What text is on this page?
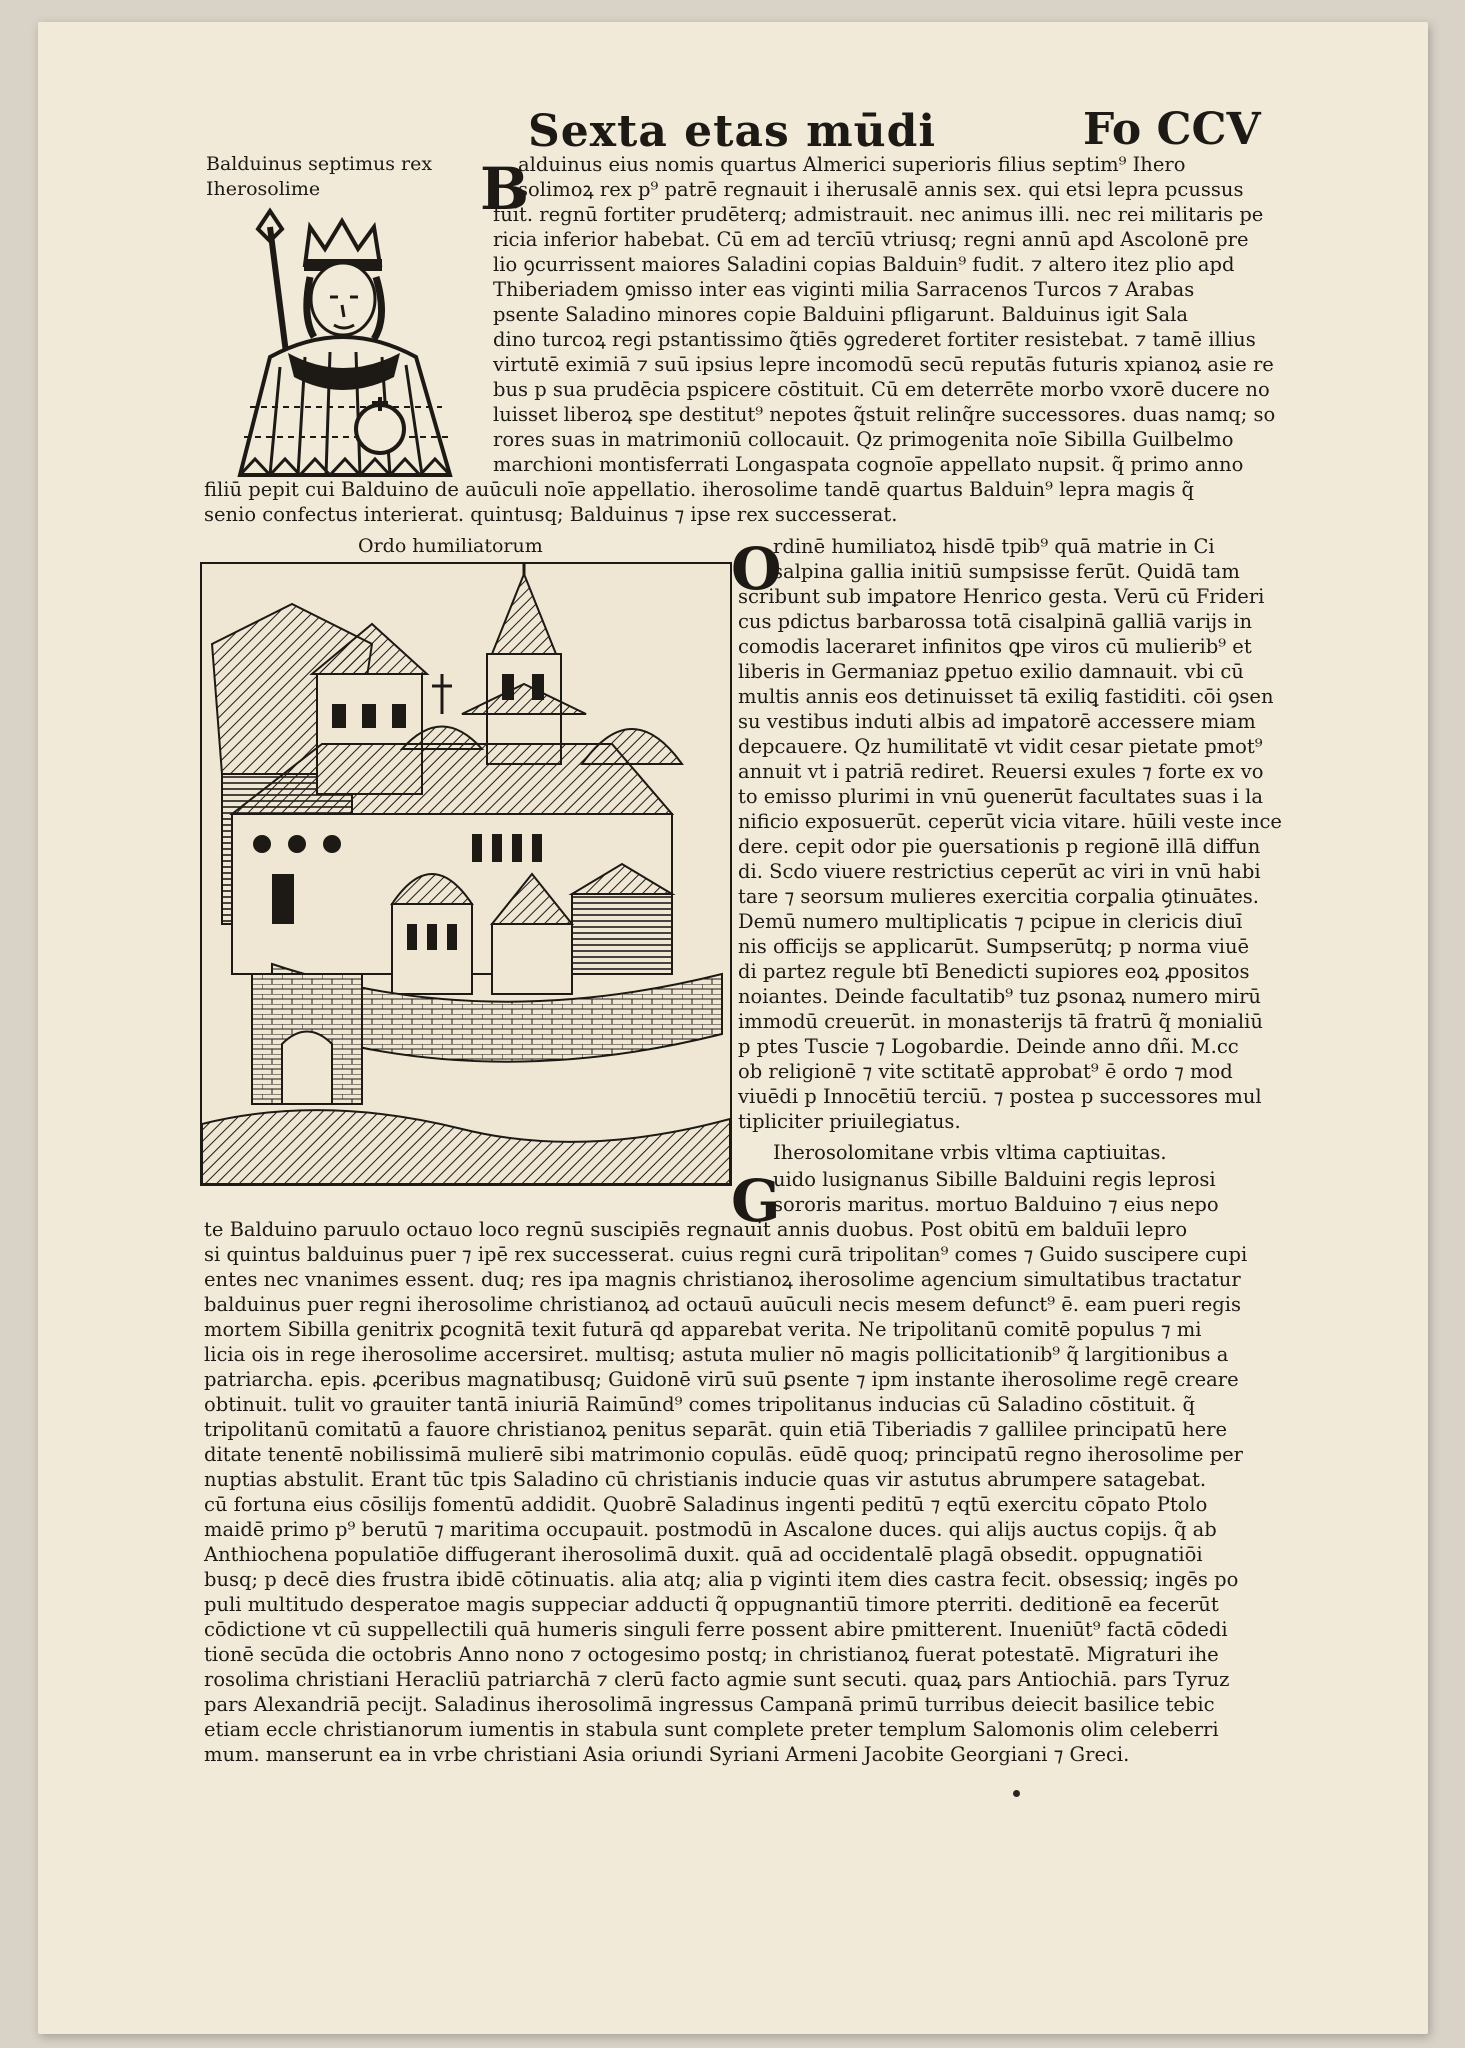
Sexta etas mūdi	Fo CCV
Balduinus septimus rex
Iherosolime	B
alduinus eius nomis quartus Almerici superioris filius septim⁹ Ihero
solimoꝝ rex p⁹ patrē regnauit i iherusalē annis sex. qui etsi lepra pcussus
fuit. regnū fortiter prudēterq; admistrauit. nec animus illi. nec rei militaris pe
ricia inferior habebat. Cū em ad tercīū vtriusq; regni annū apd Ascolonē pre
lio ꝯcurrissent maiores Saladini copias Balduin⁹ fudit. ⁊ altero itez plio apd
Thiberiadem ꝯmisso inter eas viginti milia Sarracenos Turcos ⁊ Arabas
psente Saladino minores copie Balduini pfligarunt. Balduinus igit Sala
dino turcoꝝ regi pstantissimo q̃tiēs ꝯgrederet fortiter resistebat. ⁊ tamē illius
virtutē eximiā ⁊ suū ipsius lepre incomodū secū reputās futuris xpianoꝝ asie re
bus p sua prudēcia pspicere cōstituit. Cū em deterrēte morbo vxorē ducere no
luisset liberoꝝ spe destitut⁹ nepotes q̃stuit relinq̃re successores. duas namq; so
rores suas in matrimoniū collocauit. Qz primogenita noīe Sibilla Guilbelmo
marchioni montisferrati Longaspata cognoīe appellato nupsit. q̃ primo anno
filiū pepit cui Balduino de auūculi noīe appellatio. iherosolime tandē quartus Balduin⁹ lepra magis q̃
senio confectus interierat. quintusq; Balduinus ⁊ ipse rex successerat.
Ordo humiliatorum	O
rdinē humiliatoꝝ hisdē tpib⁹ quā matrie in Ci
salpina gallia initiū sumpsisse ferūt. Quidā tam
scribunt sub imꝑatore Henrico gesta. Verū cū Frideri
cus pdictus barbarossa totā cisalpinā galliā varijs in
comodis laceraret infinitos ꝗpe viros cū mulierib⁹ et
liberis in Germaniaz ꝑpetuo exilio damnauit. vbi cū
multis annis eos detinuisset tā exiliꝗ fastiditi. cōi ꝯsen
su vestibus induti albis ad imꝑatorē accessere miam
depcauere. Qz humilitatē vt vidit cesar pietate pmot⁹
annuit vt i patriā rediret. Reuersi exules ⁊ forte ex vo
to emisso plurimi in vnū ꝯuenerūt facultates suas i la
nificio exposuerūt. ceperūt vicia vitare. hūili veste ince
dere. cepit odor pie ꝯuersationis p regionē illā diffun
di. Scdo viuere restrictius ceperūt ac viri in vnū habi
tare ⁊ seorsum mulieres exercitia corꝑalia ꝯtinuātes.
Demū numero multiplicatis ⁊ pcipue in clericis diuī
nis officijs se applicarūt. Sumpserūtq; p norma viuē
di partez regule btī Benedicti supiores eoꝝ ꝓpositos
noiantes. Deinde facultatib⁹ tuz ꝑsonaꝝ numero mirū
immodū creuerūt. in monasterijs tā fratrū q̃ monialiū
p ptes Tuscie ⁊ Logobardie. Deinde anno dñi. M.cc
ob religionē ⁊ vite sctitatē approbat⁹ ē ordo ⁊ mod
viuēdi p Innocētiū terciū. ⁊ postea p successores mul
tipliciter priuilegiatus.
Iherosolomitane vrbis vltima captiuitas.
G
uido lusignanus Sibille Balduini regis leprosi
sororis maritus. mortuo Balduino ⁊ eius nepo
te Balduino paruulo octauo loco regnū suscipiēs regnauit annis duobus. Post obitū em balduīi lepro
si quintus balduinus puer ⁊ ipē rex successerat. cuius regni curā tripolitan⁹ comes ⁊ Guido suscipere cupi
entes nec vnanimes essent. duq; res ipa magnis christianoꝝ iherosolime agencium simultatibus tractatur
balduinus puer regni iherosolime christianoꝝ ad octauū auūculi necis mesem defunct⁹ ē. eam pueri regis
mortem Sibilla genitrix ꝑcognitā texit futurā qd apparebat verita. Ne tripolitanū comitē populus ⁊ mi
licia ois in rege iherosolime accersiret. multisq; astuta mulier nō magis pollicitationib⁹ q̃ largitionibus a
patriarcha. epis. ꝓceribus magnatibusq; Guidonē virū suū ꝑsente ⁊ ipm instante iherosolime regē creare
obtinuit. tulit vo grauiter tantā iniuriā Raimūnd⁹ comes tripolitanus inducias cū Saladino cōstituit. q̃
tripolitanū comitatū a fauore christianoꝝ penitus separāt. quin etiā Tiberiadis ⁊ gallilee principatū here
ditate tenentē nobilissimā mulierē sibi matrimonio copulās. eūdē quoq; principatū regno iherosolime per
nuptias abstulit. Erant tūc tpis Saladino cū christianis inducie quas vir astutus abrumpere satagebat.
cū fortuna eius cōsilijs fomentū addidit. Quobrē Saladinus ingenti peditū ⁊ eqtū exercitu cōpato Ptolo
maidē primo p⁹ berutū ⁊ maritima occupauit. postmodū in Ascalone duces. qui alijs auctus copijs. q̃ ab
Anthiochena populatiōe diffugerant iherosolimā duxit. quā ad occidentalē plagā obsedit. oppugnatiōi
busq; p decē dies frustra ibidē cōtinuatis. alia atq; alia p viginti item dies castra fecit. obsessiq; ingēs po
puli multitudo desperatoe magis suppeciar adducti q̃ oppugnantiū timore pterriti. deditionē ea fecerūt
cōdictione vt cū suppellectili quā humeris singuli ferre possent abire pmitterent. Inueniūt⁹ factā cōdedi
tionē secūda die octobris Anno nono ⁊ octogesimo postq; in christianoꝝ fuerat potestatē. Migraturi ihe
rosolima christiani Heracliū patriarchā ⁊ clerū facto agmie sunt secuti. quaꝝ pars Antiochiā. pars Tyruz
pars Alexandriā pecijt. Saladinus iherosolimā ingressus Campanā primū turribus deiecit basilice tebic
etiam eccle christianorum iumentis in stabula sunt complete preter templum Salomonis olim celeberri
mum. manserunt ea in vrbe christiani Asia oriundi Syriani Armeni Jacobite Georgiani ⁊ Greci.
